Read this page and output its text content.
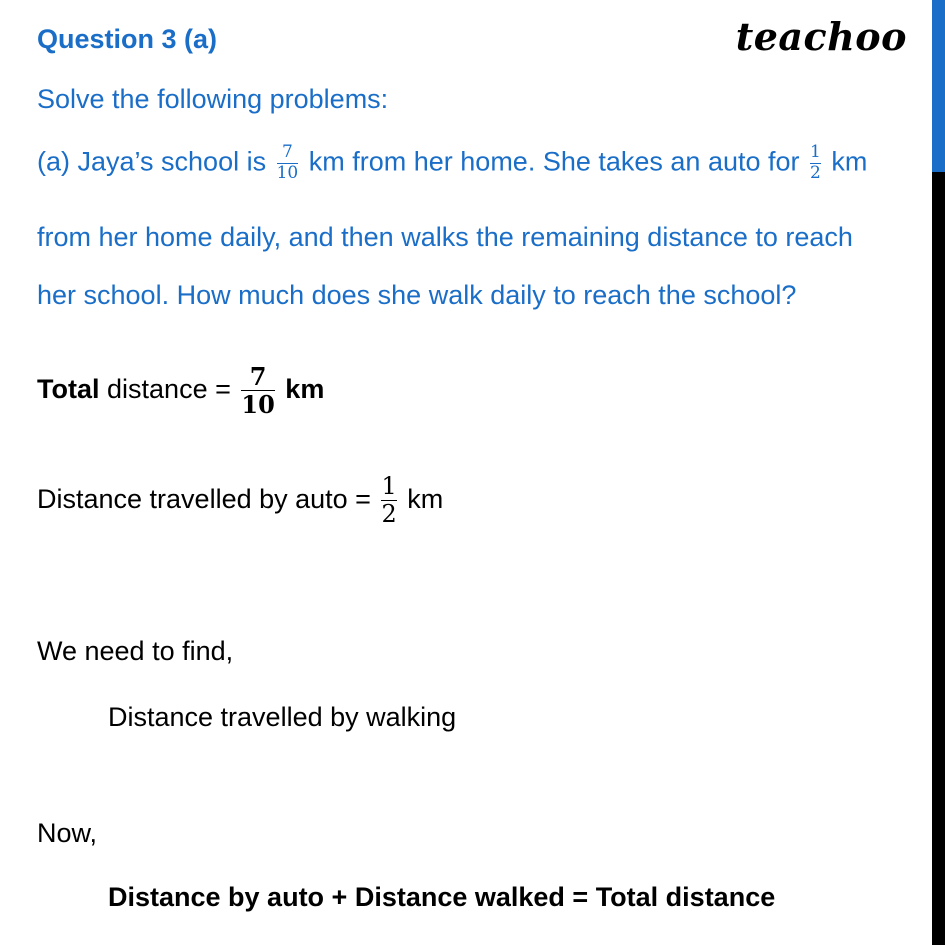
Question 3 (a)	teachoo
Solve the following problems:
(a) Jaya’s school is $\frac{7}{10}$ km from her home. She takes an auto for $\frac{1}{2}$ km
from her home daily, and then walks the remaining distance to reach
her school. How much does she walk daily to reach the school?
Total distance = $\frac{7}{10}$ km
Distance travelled by auto = $\frac{1}{2}$ km
We need to find,
Distance travelled by walking
Now,
Distance by auto + Distance walked = Total distance
